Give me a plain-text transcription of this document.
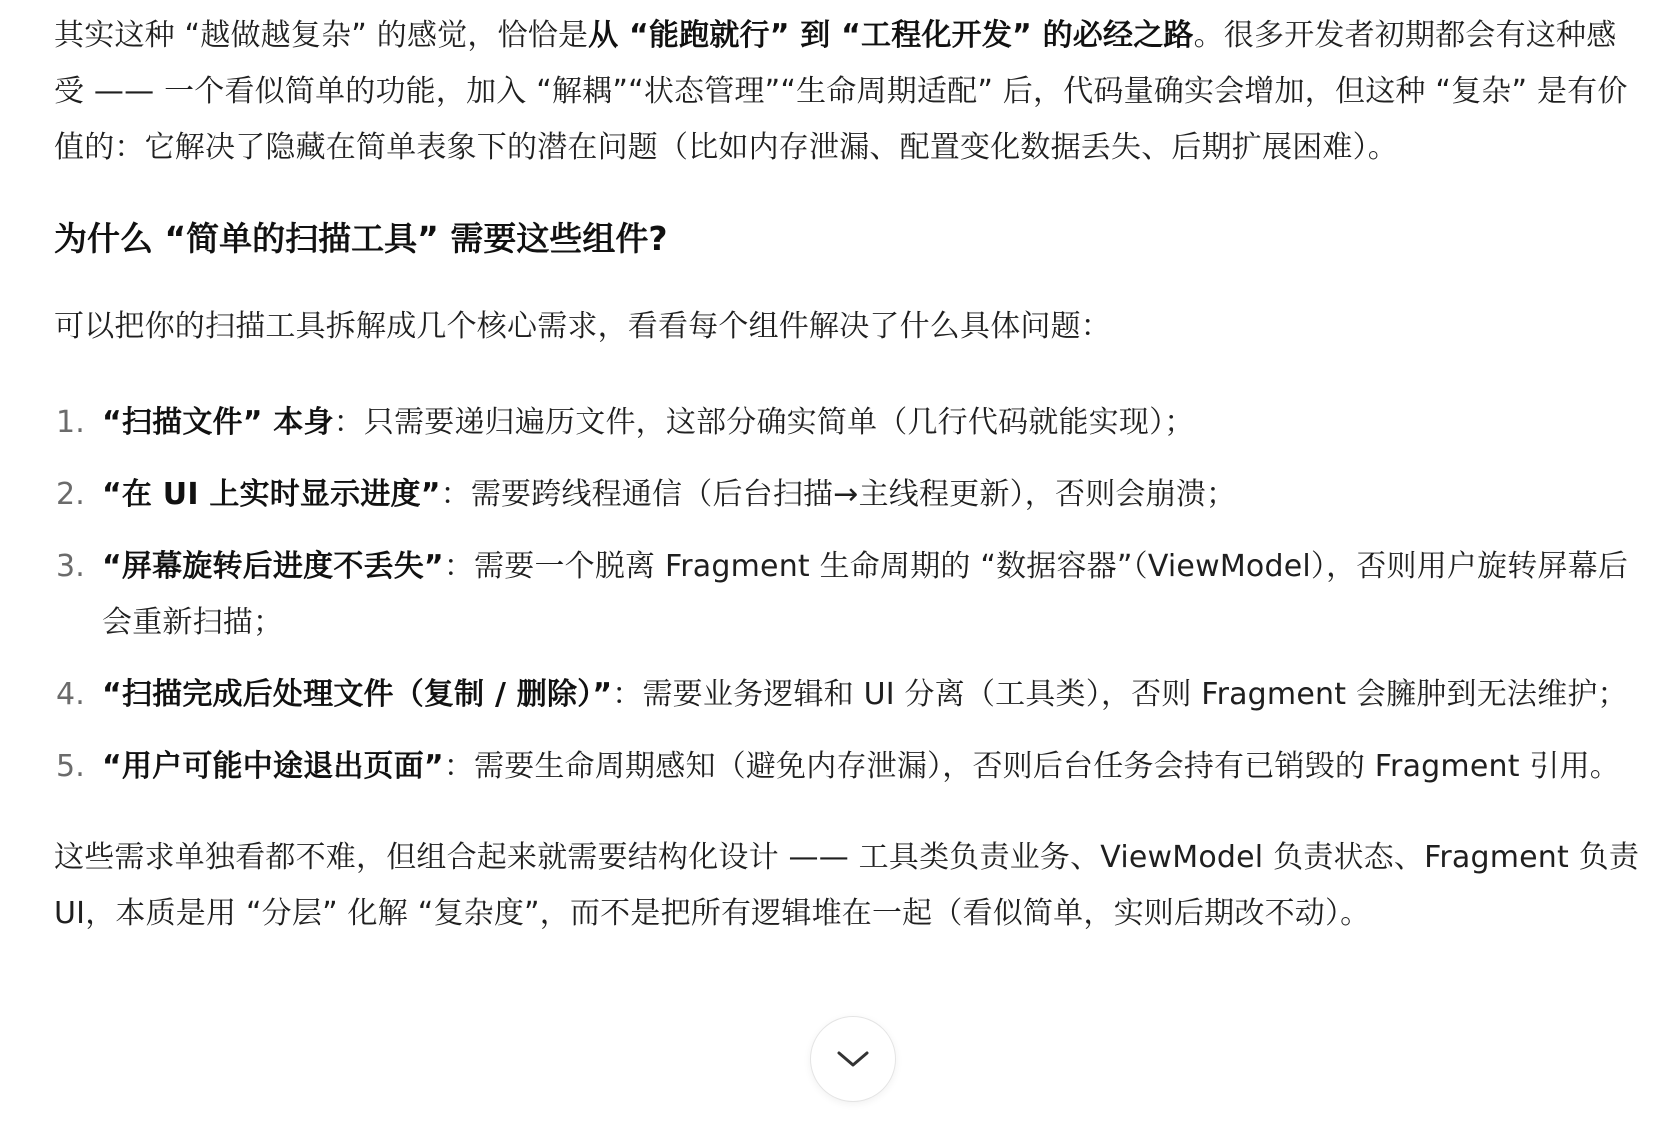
其实这种 “越做越复杂” 的感觉，恰恰是从 “能跑就行” 到 “工程化开发” 的必经之路。很多开发者初期都会有这种感受 —— 一个看似简单的功能，加入 “解耦”“状态管理”“生命周期适配” 后，代码量确实会增加，但这种 “复杂” 是有价值的：它解决了隐藏在简单表象下的潜在问题（比如内存泄漏、配置变化数据丢失、后期扩展困难）。

为什么 “简单的扫描工具” 需要这些组件?

可以把你的扫描工具拆解成几个核心需求，看看每个组件解决了什么具体问题：

1. “扫描文件” 本身：只需要递归遍历文件，这部分确实简单（几行代码就能实现）；
2. “在 UI 上实时显示进度”：需要跨线程通信（后台扫描→主线程更新），否则会崩溃；
3. “屏幕旋转后进度不丢失”：需要一个脱离 Fragment 生命周期的 “数据容器”（ViewModel），否则用户旋转屏幕后会重新扫描；
4. “扫描完成后处理文件（复制 / 删除）”：需要业务逻辑和 UI 分离（工具类），否则 Fragment 会臃肿到无法维护；
5. “用户可能中途退出页面”：需要生命周期感知（避免内存泄漏），否则后台任务会持有已销毁的 Fragment 引用。

这些需求单独看都不难，但组合起来就需要结构化设计 —— 工具类负责业务、ViewModel 负责状态、Fragment 负责 UI，本质是用 “分层” 化解 “复杂度”，而不是把所有逻辑堆在一起（看似简单，实则后期改不动）。
